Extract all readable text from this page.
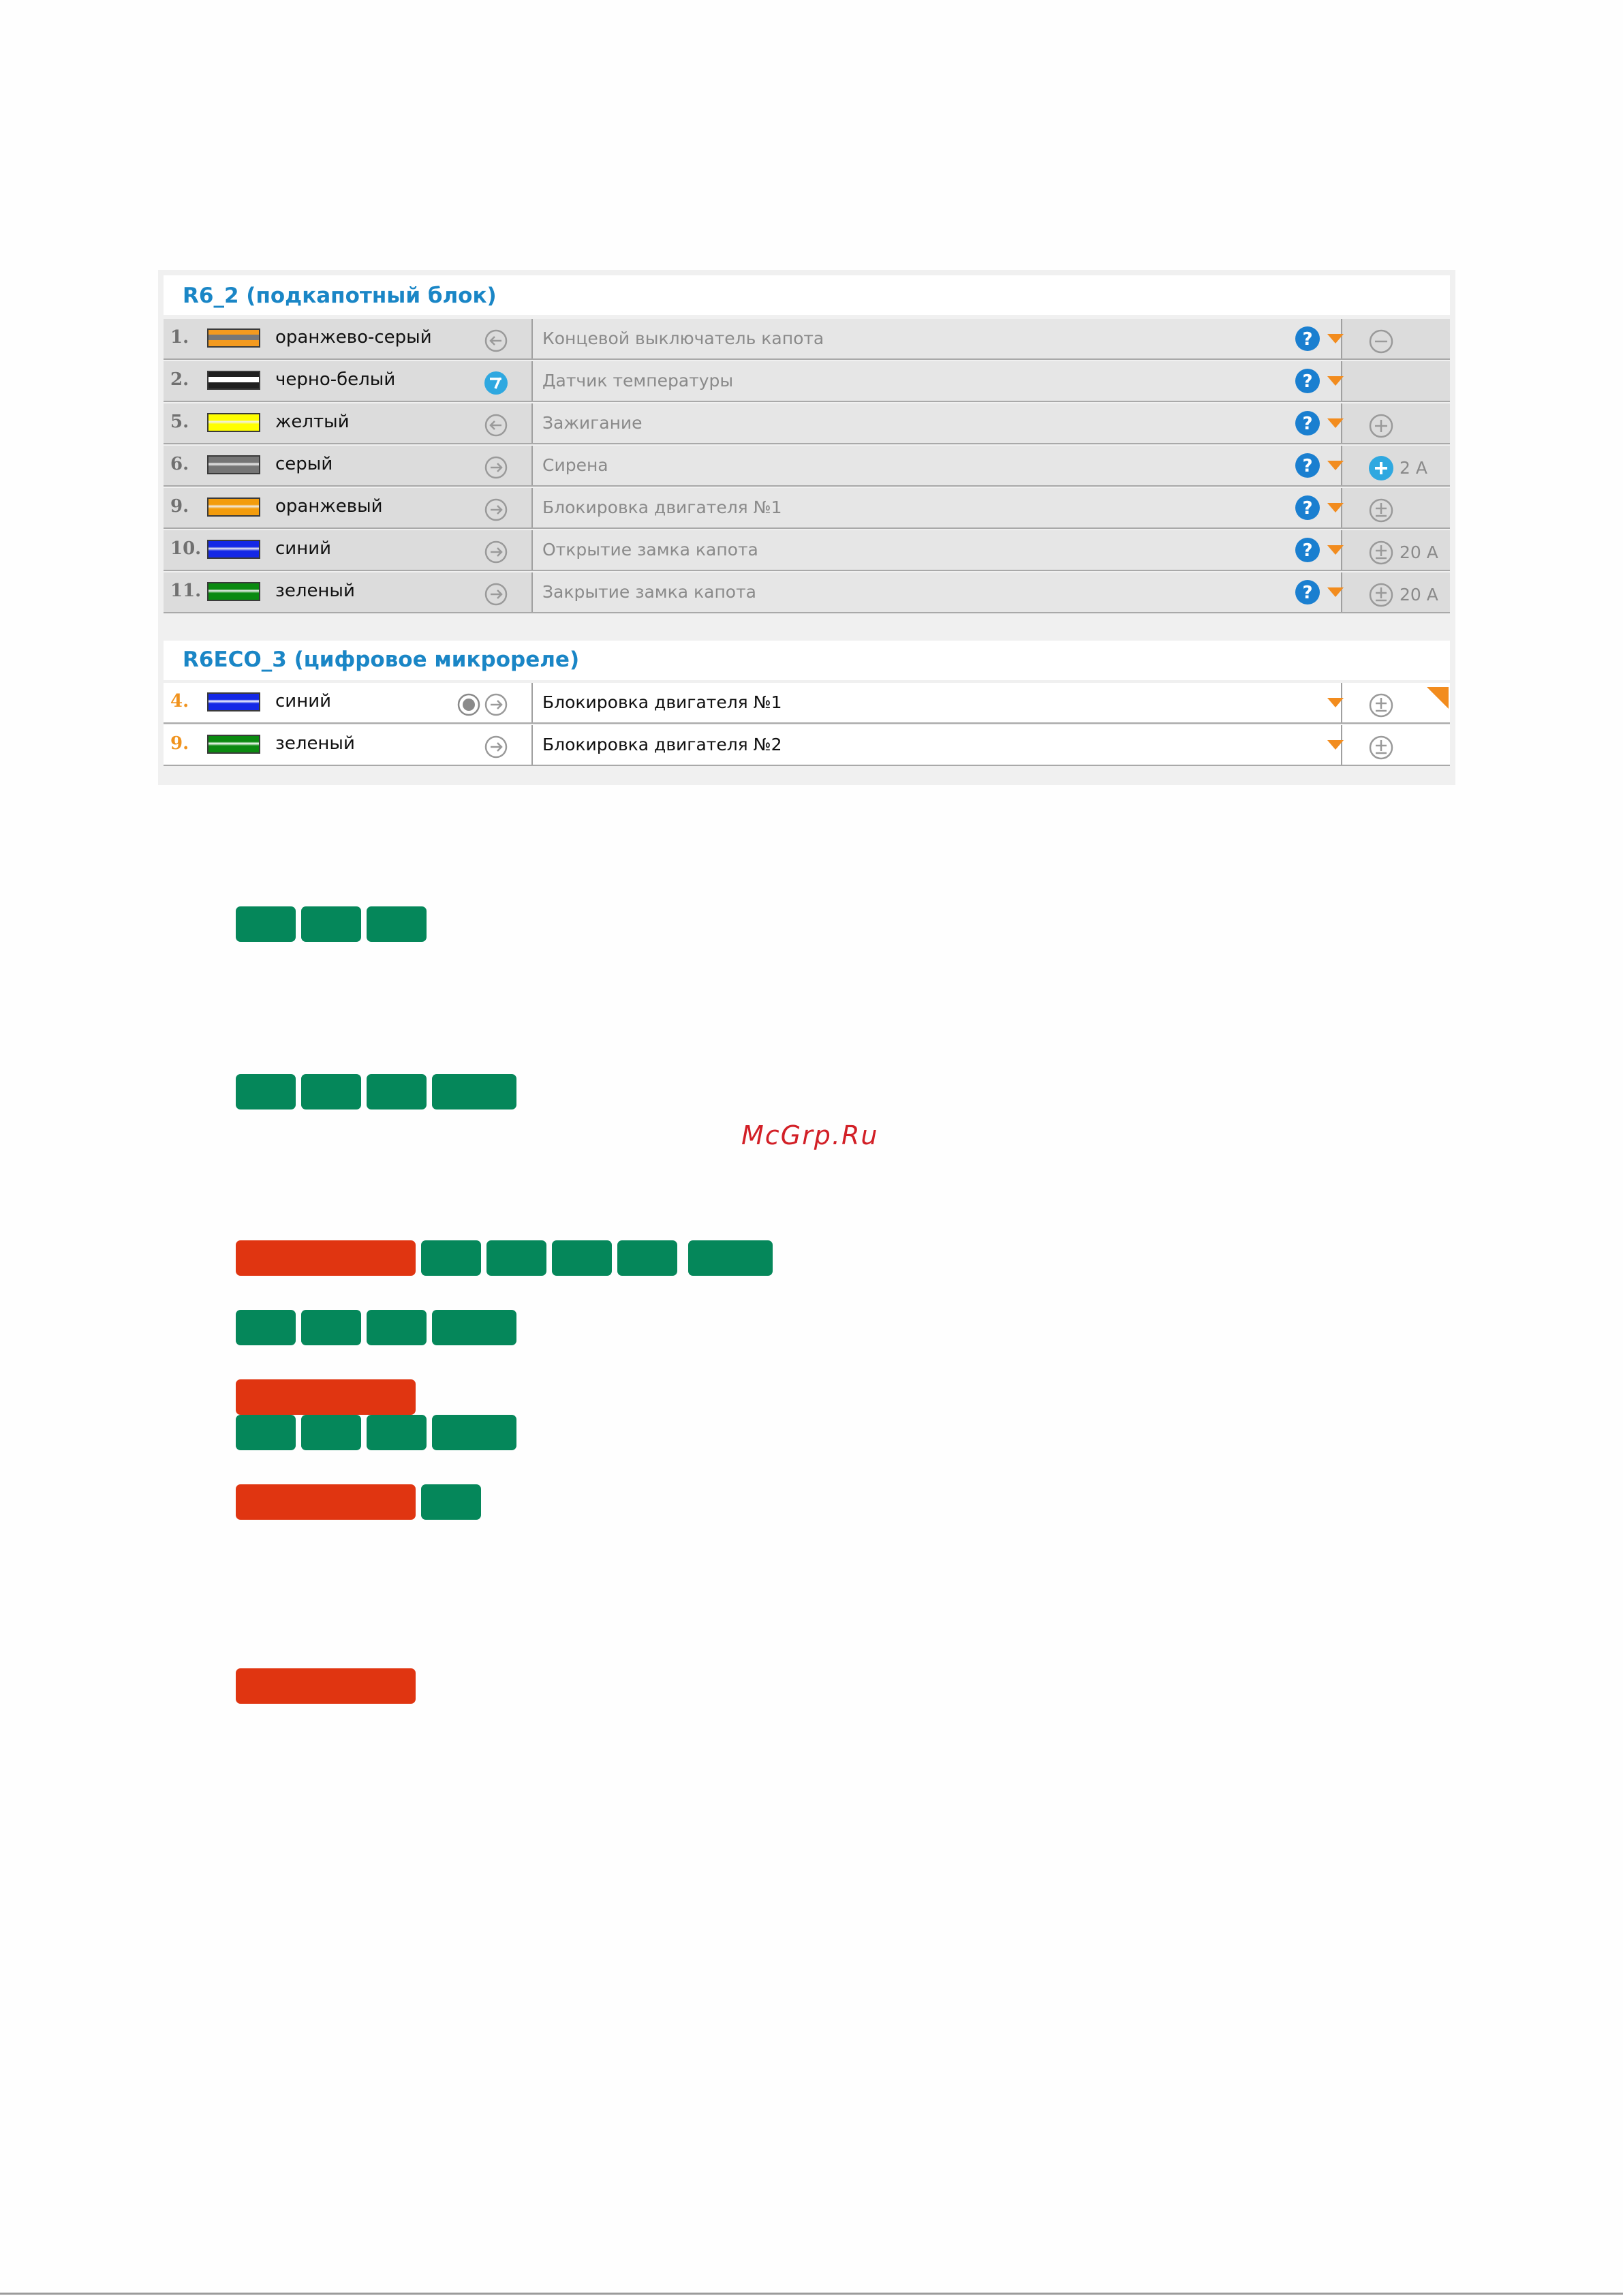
R6_2 (подкапотный блок)
1.	оранжево-серый	Концевой выключатель капота	?
2.	черно-белый	Датчик температуры	?
5.	желтый	Зажигание	?
6.	серый	Сирена	?	2 A
9.	оранжевый	Блокировка двигателя №1	?
10.	синий	Открытие замка капота	?	20 A
11.	зеленый	Закрытие замка капота	?	20 A
R6ECO_3 (цифровое микрореле)
4.	синий	Блокировка двигателя №1
9.	зеленый	Блокировка двигателя №2
McGrp.Ru
